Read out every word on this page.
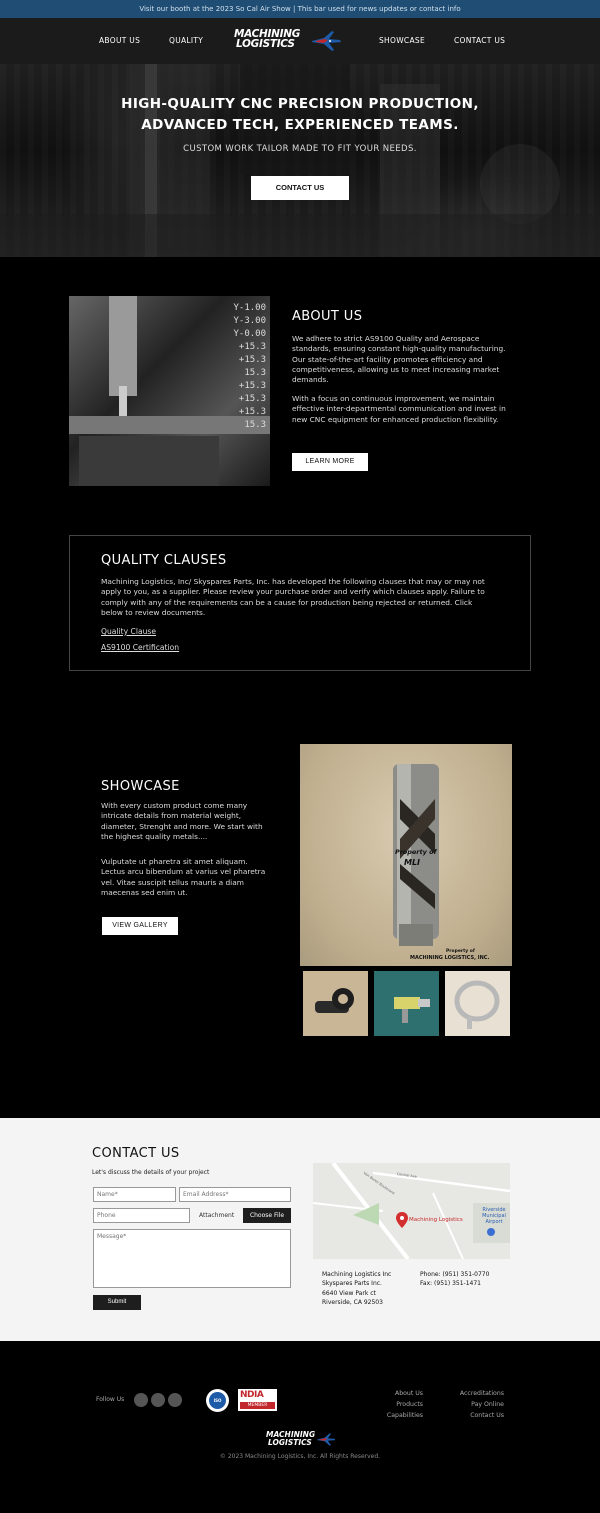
Visit our booth at the 2023 So Cal Air Show | This bar used for news updates or contact info
ABOUT US	QUALITY
MACHINING
LOGISTICS	SHOWCASE	CONTACT US
HIGH-QUALITY CNC PRECISION PRODUCTION,
ADVANCED TECH, EXPERIENCED TEAMS.
CUSTOM WORK TAILOR MADE TO FIT YOUR NEEDS.
CONTACT US
Y-1.00
Y-3.00
Y-0.00
+15.3
+15.3
15.3
+15.3
+15.3
+15.3
15.3
ABOUT US
We adhere to strict AS9100 Quality and Aerospace standards, ensuring constant high-quality manufacturing. Our state-of-the-art facility promotes efficiency and competitiveness, allowing us to meet increasing market demands.
With a focus on continuous improvement, we maintain effective inter-departmental communication and invest in new CNC equipment for enhanced production flexibility.
LEARN MORE
QUALITY CLAUSES
Machining Logistics, Inc/ Skyspares Parts, Inc. has developed the following clauses that may or may not apply to you, as a supplier. Please review your purchase order and verify which clauses apply. Failure to comply with any of the requirements can be a cause for production being rejected or returned. Click below to review documents.
Quality Clause
AS9100 Certification
SHOWCASE
With every custom product come many intricate details from material weight, diameter, Strenght and more. We start with the highest quality metals....
Vulputate ut pharetra sit amet aliquam. Lectus arcu bibendum at varius vel pharetra vel. Vitae suscipit tellus mauris a diam maecenas sed enim ut.
VIEW GALLERY
Property of
MLI
Property of
MACHINING LOGISTICS, INC.
CONTACT US
Let's discuss the details of your project
Name*
Email Address*
Phone
Attachment	Choose File
Message*
Submit
Machining Logistics
Riverside Municipal Airport
Van Buren Boulevard Central Ave
Machining Logistics Inc
Skyspares Parts Inc.
6640 View Park ct
Riverside, CA 92503
Phone: (951) 351-0770
Fax: (951) 351-1471
Follow Us	ISO
NDIA
MEMBER
About Us
Products
Capabilities
Accreditations
Pay Online
Contact Us
MACHINING
LOGISTICS
© 2023 Machining Logistics, Inc. All Rights Reserved.
